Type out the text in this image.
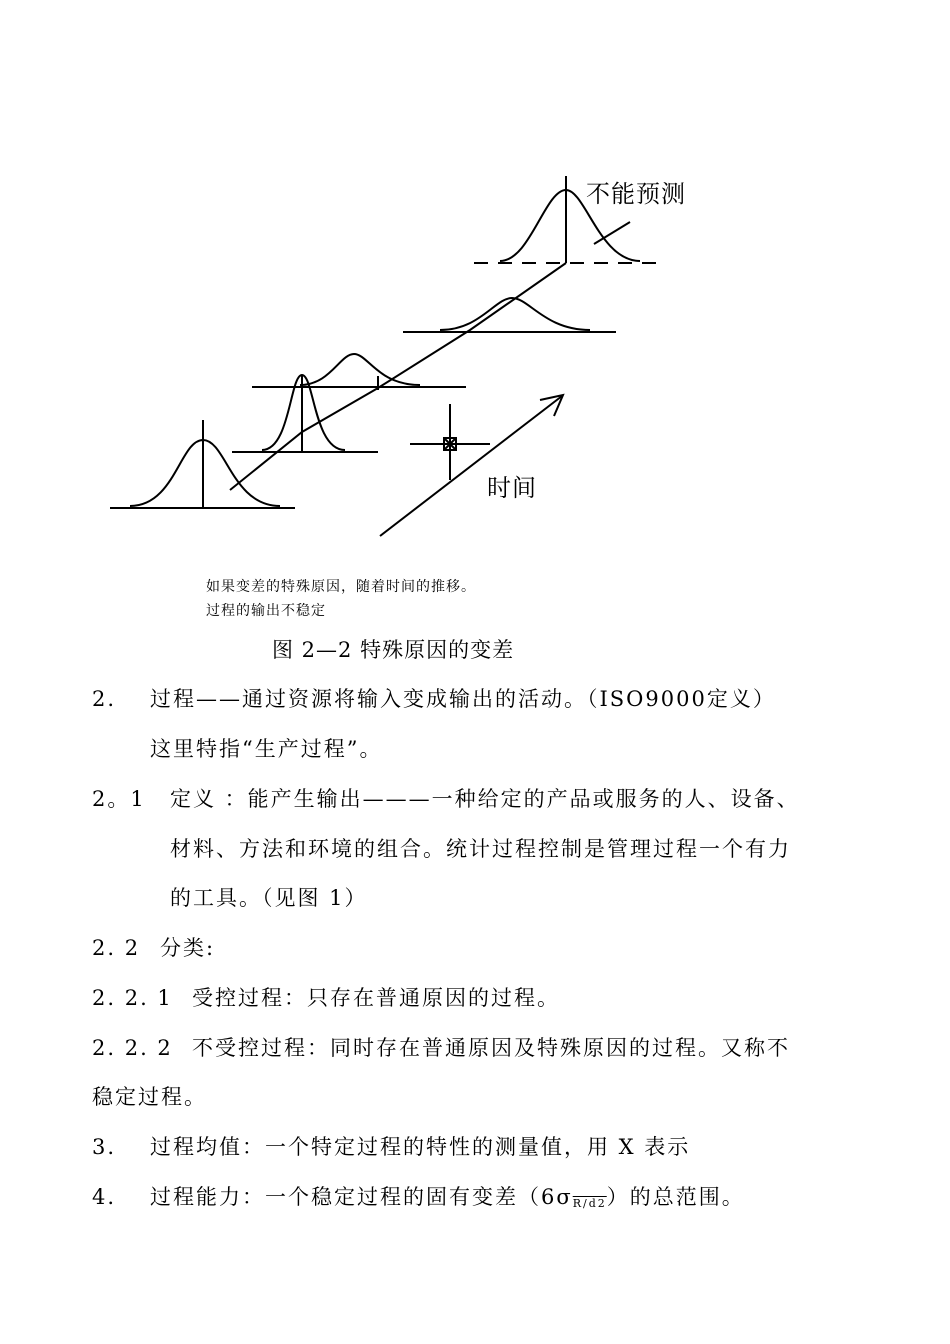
不能预测
时间
如果变差的特殊原因，随着时间的推移。
过程的输出不稳定
图 2—2 特殊原因的变差
2. 过程——通过资源将输入变成输出的活动。（ISO9000定义）
这里特指“生产过程”。
2。1 定义 ：能产生输出———一种给定的产品或服务的人、设备、
材料、方法和环境的组合。统计过程控制是管理过程一个有力
的工具。（见图 1）
2. 2 分类:
2. 2. 1 受控过程：只存在普通原因的过程。
2. 2. 2 不受控过程：同时存在普通原因及特殊原因的过程。又称不
稳定过程。
3. 过程均值：一个特定过程的特性的测量值，用 X 表示
4. 过程能力：一个稳定过程的固有变差$(6\sigma_{R/d2})$的总范围。
